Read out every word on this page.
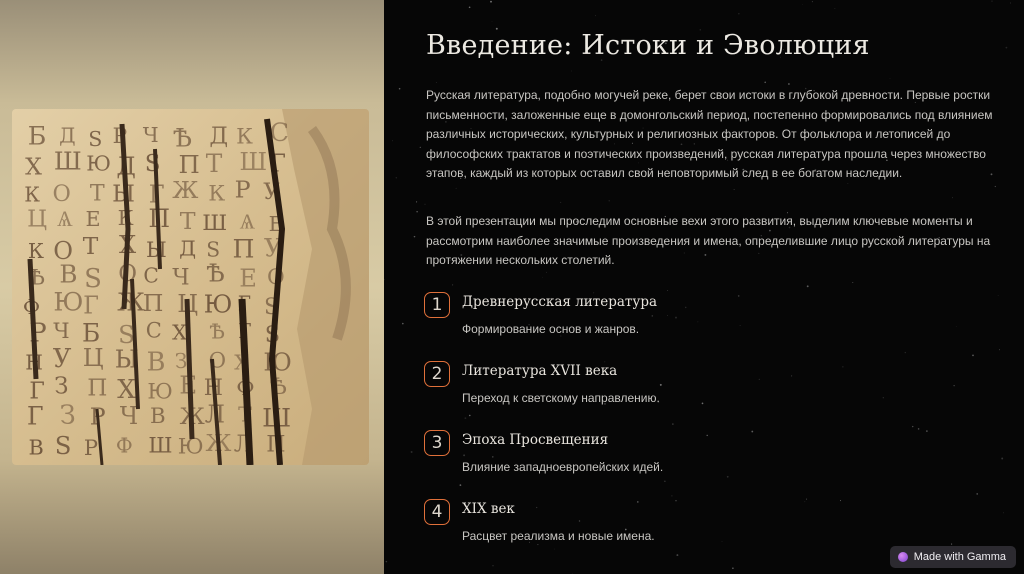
Б Д Ѕ Р Ч Ѣ Д К С
Х Ш Ю Д Ѕ П Т Ш Г
К О Т Ы Г Ж К Р У
Ц Ѧ Е К П Т Ш Ѧ Е
К О Т Х Ы Д Ѕ П У
Ѣ В Ѕ О С Ч Ѣ Е О
Ф Ю Г Ж
П Ц Ю Г Ѕ
Р Ч Б Ѕ С Х Ѣ Г Ѕ
Н У Ц Ы В З О Х Ю
Г З П Х Ю Е Н Ф Ѣ
Г З Р Ч В Ж Л Т Ш
В Ѕ Р Ф Ш Ю Ж Л П
Введение: Истоки и Эволюция

Русская литература, подобно могучей реке, берет свои истоки в глубокой древности. Первые ростки письменности, заложенные еще в домонгольский период, постепенно формировались под влиянием различных исторических, культурных и религиозных факторов. От фольклора и летописей до философских трактатов и поэтических произведений, русская литература прошла через множество этапов, каждый из которых оставил свой неповторимый след в ее богатом наследии.

В этой презентации мы проследим основные вехи этого развития, выделим ключевые моменты и рассмотрим наиболее значимые произведения и имена, определившие лицо русской литературы на протяжении нескольких столетий.

1	Древнерусская литература
Формирование основ и жанров.
2	Литература XVII века
Переход к светскому направлению.
3	Эпоха Просвещения
Влияние западноевропейских идей.
4	XIX век
Расцвет реализма и новые имена.
Made with Gamma
